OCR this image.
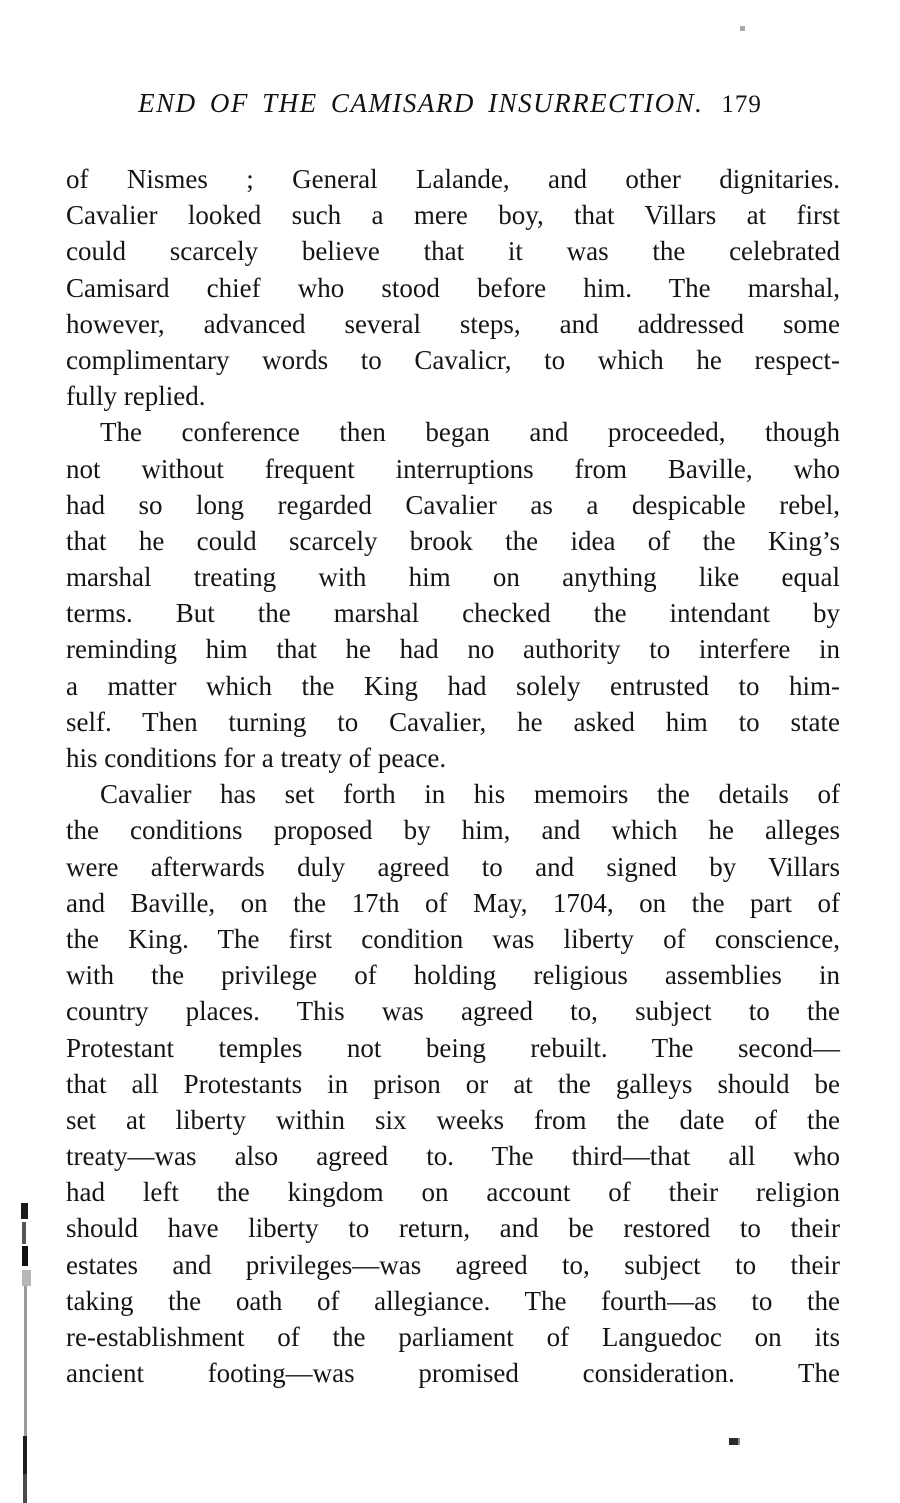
END OF THE CAMISARD INSURRECTION. 179
of Nismes ; General Lalande, and other dignitaries.
Cavalier looked such a mere boy, that Villars at first
could scarcely believe that it was the celebrated
Camisard chief who stood before him. The marshal,
however, advanced several steps, and addressed some
complimentary words to Cavalicr, to which he respect-
fully replied.
The conference then began and proceeded, though
not without frequent interruptions from Baville, who
had so long regarded Cavalier as a despicable rebel,
that he could scarcely brook the idea of the King’s
marshal treating with him on anything like equal
terms. But the marshal checked the intendant by
reminding him that he had no authority to interfere in
a matter which the King had solely entrusted to him-
self. Then turning to Cavalier, he asked him to state
his conditions for a treaty of peace.
Cavalier has set forth in his memoirs the details of
the conditions proposed by him, and which he alleges
were afterwards duly agreed to and signed by Villars
and Baville, on the 17th of May, 1704, on the part of
the King. The first condition was liberty of conscience,
with the privilege of holding religious assemblies in
country places. This was agreed to, subject to the
Protestant temples not being rebuilt. The second—
that all Protestants in prison or at the galleys should be
set at liberty within six weeks from the date of the
treaty—was also agreed to. The third—that all who
had left the kingdom on account of their religion
should have liberty to return, and be restored to their
estates and privileges—was agreed to, subject to their
taking the oath of allegiance. The fourth—as to the
re-establishment of the parliament of Languedoc on its
ancient footing—was promised consideration. The
